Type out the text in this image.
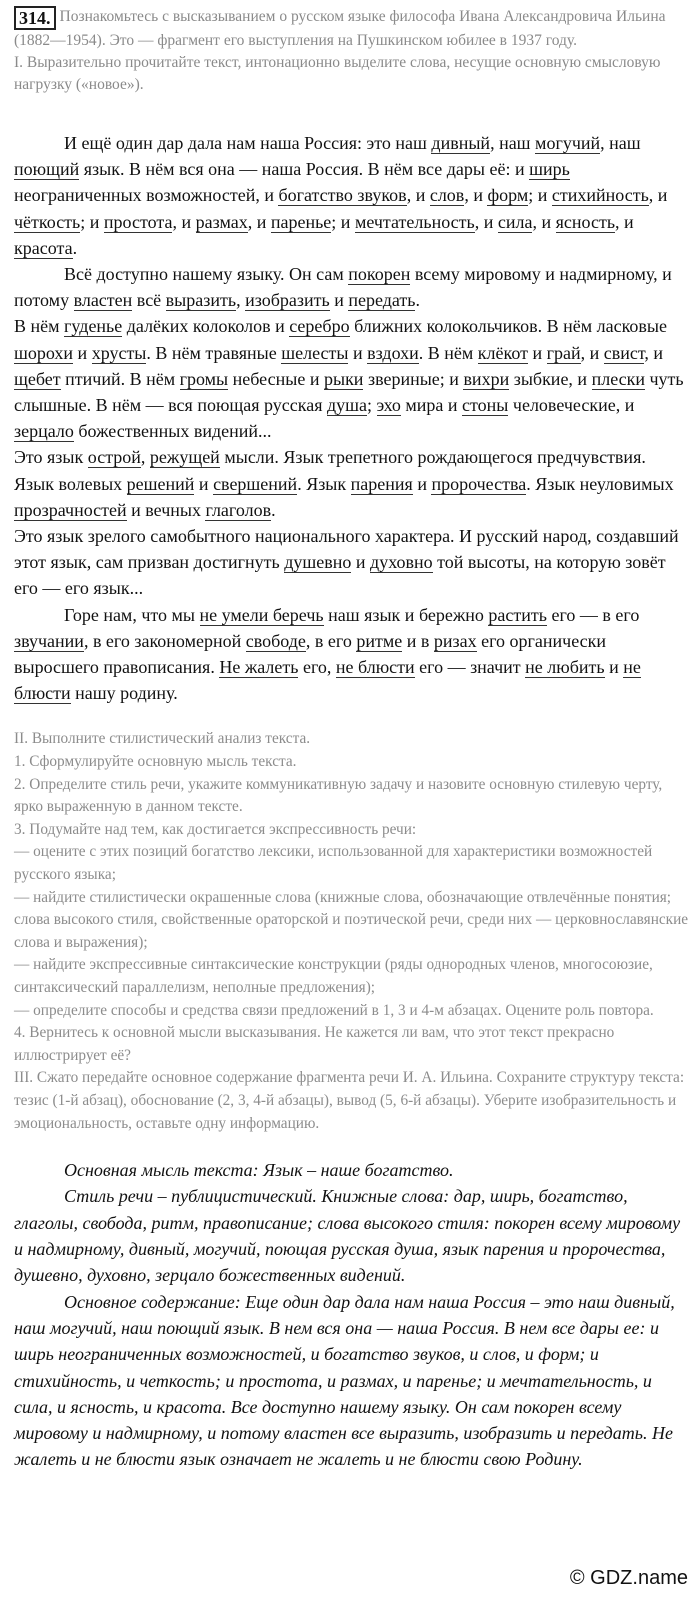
314. Познакомьтесь с высказыванием о русском языке философа Ивана Александровича Ильина (1882—1954). Это — фрагмент его выступления на Пушкинском юбилее в 1937 году.
I. Выразительно прочитайте текст, интонационно выделите слова, несущие основную смысловую нагрузку («новое»).

И ещё один дар дала нам наша Россия: это наш дивный, наш могучий, наш поющий язык. В нём вся она — наша Россия. В нём все дары её: и ширь неограниченных возможностей, и богатство звуков, и слов, и форм; и стихийность, и чёткость; и простота, и размах, и паренье; и мечтательность, и сила, и ясность, и красота.

Всё доступно нашему языку. Он сам покорен всему мировому и надмирному, и потому властен всё выразить, изобразить и передать.

В нём гуденье далёких колоколов и серебро ближних колокольчиков. В нём ласковые шорохи и хрусты. В нём травяные шелесты и вздохи. В нём клёкот и грай, и свист, и щебет птичий. В нём громы небесные и рыки звериные; и вихри зыбкие, и плески чуть слышные. В нём — вся поющая русская душа; эхо мира и стоны человеческие, и зерцало божественных видений...

Это язык острой, режущей мысли. Язык трепетного рождающегося предчувствия. Язык волевых решений и свершений. Язык парения и пророчества. Язык неуловимых прозрачностей и вечных глаголов.

Это язык зрелого самобытного национального характера. И русский народ, создавший этот язык, сам призван достигнуть душевно и духовно той высоты, на которую зовёт его — его язык...

Горе нам, что мы не умели беречь наш язык и бережно растить его — в его звучании, в его закономерной свободе, в его ритме и в ризах его органически выросшего правописания. Не жалеть его, не блюсти его — значит не любить и не блюсти нашу родину.

II. Выполните стилистический анализ текста.

1. Сформулируйте основную мысль текста.

2. Определите стиль речи, укажите коммуникативную задачу и назовите основную стилевую черту, ярко выраженную в данном тексте.

3. Подумайте над тем, как достигается экспрессивность речи:

— оцените с этих позиций богатство лексики, использованной для характеристики возможностей русского языка;

— найдите стилистически окрашенные слова (книжные слова, обозначающие отвлечённые понятия; слова высокого стиля, свойственные ораторской и поэтической речи, среди них — церковнославянские слова и выражения);

— найдите экспрессивные синтаксические конструкции (ряды однородных членов, многосоюзие, синтаксический параллелизм, неполные предложения);

— определите способы и средства связи предложений в 1, 3 и 4-м абзацах. Оцените роль повтора.

4. Вернитесь к основной мысли высказывания. Не кажется ли вам, что этот текст прекрасно иллюстрирует её?

III. Сжато передайте основное содержание фрагмента речи И. А. Ильина. Сохраните структуру текста: тезис (1-й абзац), обоснование (2, 3, 4-й абзацы), вывод (5, 6-й абзацы). Уберите изобразительность и эмоциональность, оставьте одну информацию.

Основная мысль текста: Язык – наше богатство.

Стиль речи – публицистический. Книжные слова: дар, ширь, богатство, глаголы, свобода, ритм, правописание; слова высокого стиля: покорен всему мировому и надмирному, дивный, могучий, поющая русская душа, язык парения и пророчества, душевно, духовно, зерцало божественных видений.

Основное содержание: Еще один дар дала нам наша Россия – это наш дивный, наш могучий, наш поющий язык. В нем вся она — наша Россия. В нем все дары ее: и ширь неограниченных возможностей, и богатство звуков, и слов, и форм; и стихийность, и четкость; и простота, и размах, и паренье; и мечтательность, и сила, и ясность, и красота. Все доступно нашему языку. Он сам покорен всему мировому и надмирному, и потому властен все выразить, изобразить и передать. Не жалеть и не блюсти язык означает не жалеть и не блюсти свою Родину.

© GDZ.name
